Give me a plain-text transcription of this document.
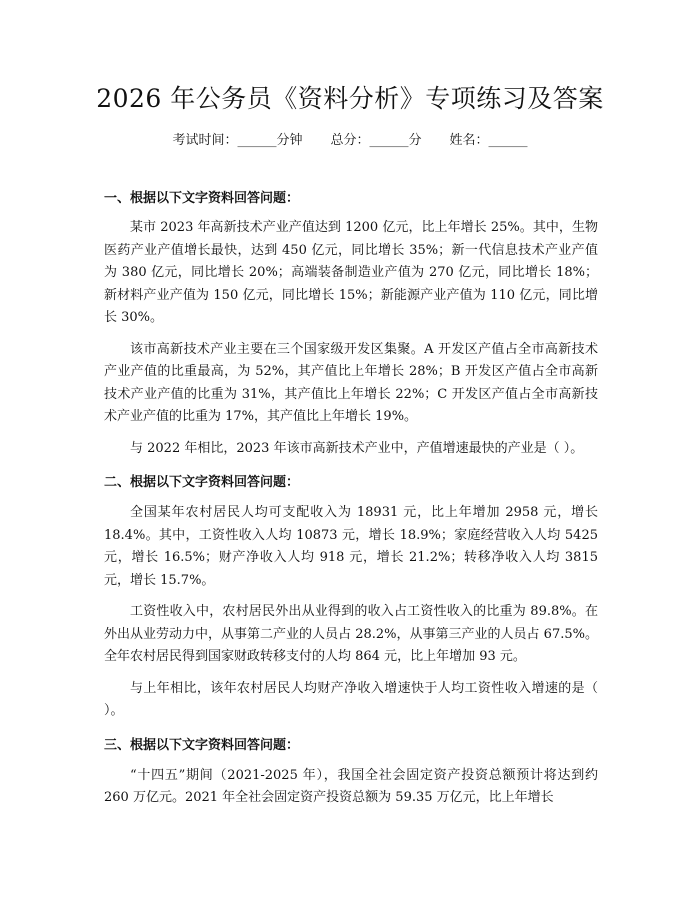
2026 年公务员《资料分析》专项练习及答案
考试时间：______分钟 总分：______分 姓名：______
一、根据以下文字资料回答问题：

某市 2023 年高新技术产业产值达到 1200 亿元，比上年增长 25%。其中，生物医药产业产值增长最快，达到 450 亿元，同比增长 35%；新一代信息技术产业产值为 380 亿元，同比增长 20%；高端装备制造业产值为 270 亿元，同比增长 18%；新材料产业产值为 150 亿元，同比增长 15%；新能源产业产值为 110 亿元，同比增长 30%。

该市高新技术产业主要在三个国家级开发区集聚。A 开发区产值占全市高新技术产业产值的比重最高，为 52%，其产值比上年增长 28%；B 开发区产值占全市高新技术产业产值的比重为 31%，其产值比上年增长 22%；C 开发区产值占全市高新技术产业产值的比重为 17%，其产值比上年增长 19%。

与 2022 年相比，2023 年该市高新技术产业中，产值增速最快的产业是（ ）。

二、根据以下文字资料回答问题：

全国某年农村居民人均可支配收入为 18931 元，比上年增加 2958 元，增长 18.4%。其中，工资性收入人均 10873 元，增长 18.9%；家庭经营收入人均 5425 元，增长 16.5%；财产净收入人均 918 元，增长 21.2%；转移净收入人均 3815 元，增长 15.7%。

工资性收入中，农村居民外出从业得到的收入占工资性收入的比重为 89.8%。在外出从业劳动力中，从事第二产业的人员占 28.2%，从事第三产业的人员占 67.5%。全年农村居民得到国家财政转移支付的人均 864 元，比上年增加 93 元。

与上年相比，该年农村居民人均财产净收入增速快于人均工资性收入增速的是（ ）。

三、根据以下文字资料回答问题：

“十四五”期间（2021-2025 年），我国全社会固定资产投资总额预计将达到约 260 万亿元。2021 年全社会固定资产投资总额为 59.35 万亿元，比上年增长
